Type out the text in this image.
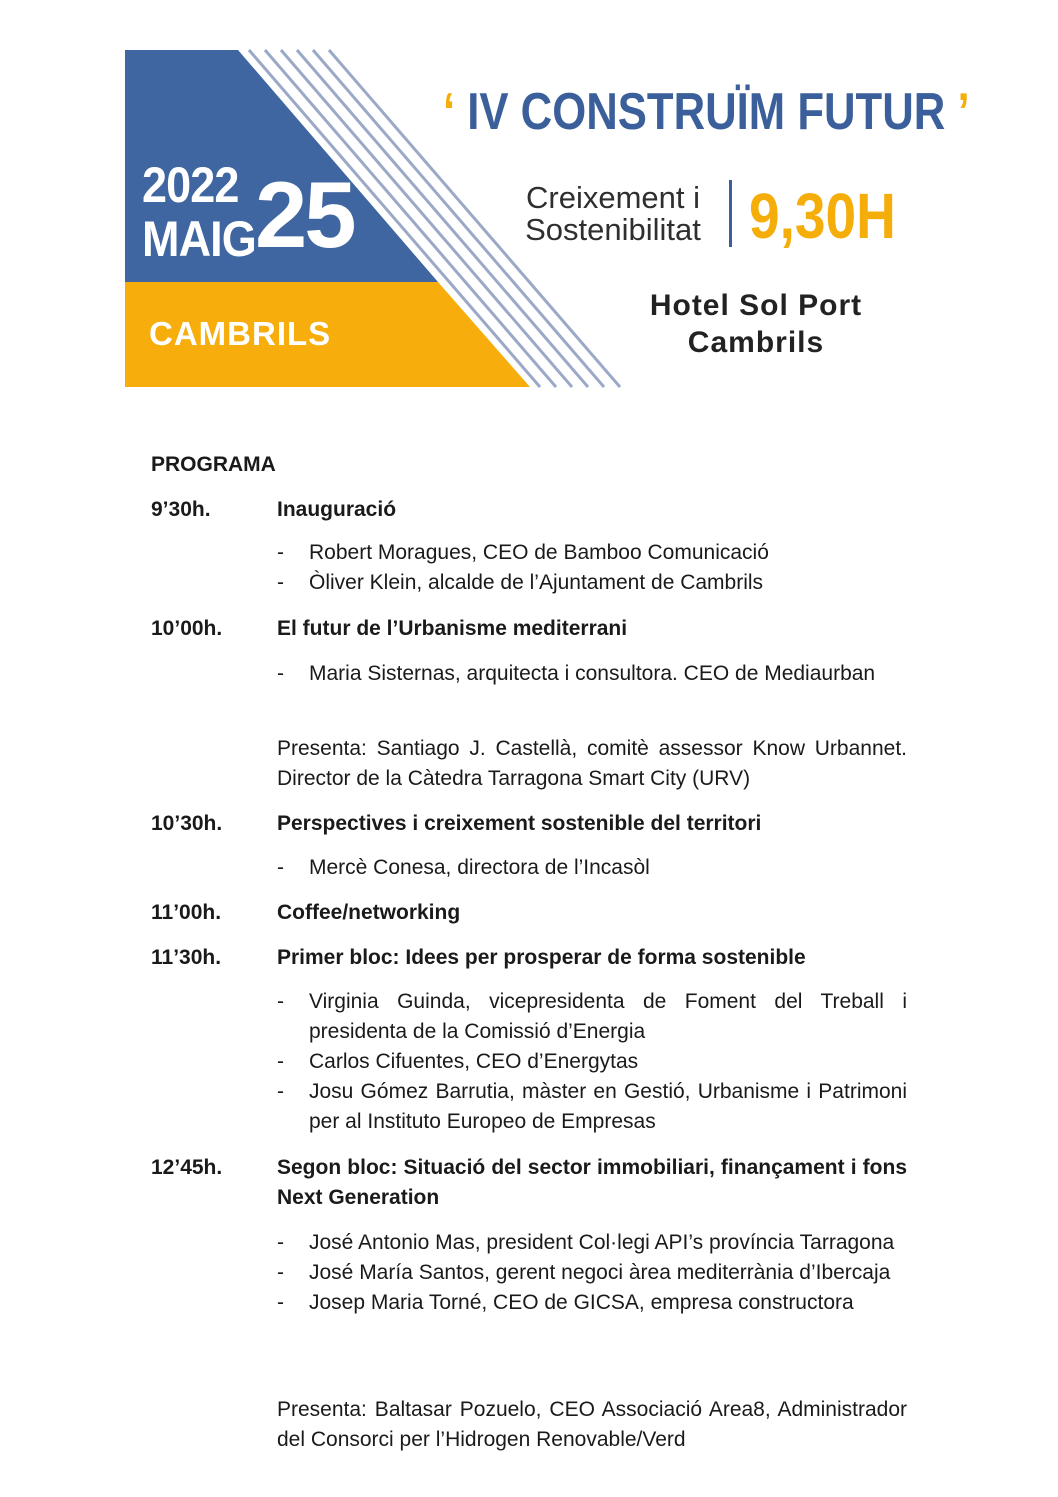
2022
MAIG 25
CAMBRILS
‘ IV CONSTRUÏM FUTUR ’
Creixement i
Sostenibilitat 9,30H
Hotel Sol Port
Cambrils
PROGRAMA
9’30h.	Inauguració
- Robert Moragues, CEO de Bamboo Comunicació
- Òliver Klein, alcalde de l’Ajuntament de Cambrils
10’00h.	El futur de l’Urbanisme mediterrani
- Maria Sisternas, arquitecta i consultora. CEO de Mediaurban
Presenta: Santiago J. Castellà, comitè assessor Know Urbannet. Director de la Càtedra Tarragona Smart City (URV)
10’30h.	Perspectives i creixement sostenible del territori
- Mercè Conesa, directora de l’Incasòl
11’00h.	Coffee/networking
11’30h.	Primer bloc: Idees per prosperar de forma sostenible
- Virginia Guinda, vicepresidenta de Foment del Treball i presidenta de la Comissió d’Energia
- Carlos Cifuentes, CEO d’Energytas
- Josu Gómez Barrutia, màster en Gestió, Urbanisme i Patrimoni per al Instituto Europeo de Empresas
12’45h.	Segon bloc: Situació del sector immobiliari, finançament i fons Next Generation
- José Antonio Mas, president Col·legi API’s província Tarragona
- José María Santos, gerent negoci àrea mediterrània d’Ibercaja
- Josep Maria Torné, CEO de GICSA, empresa constructora
Presenta: Baltasar Pozuelo, CEO Associació Area8, Administrador del Consorci per l’Hidrogen Renovable/Verd
